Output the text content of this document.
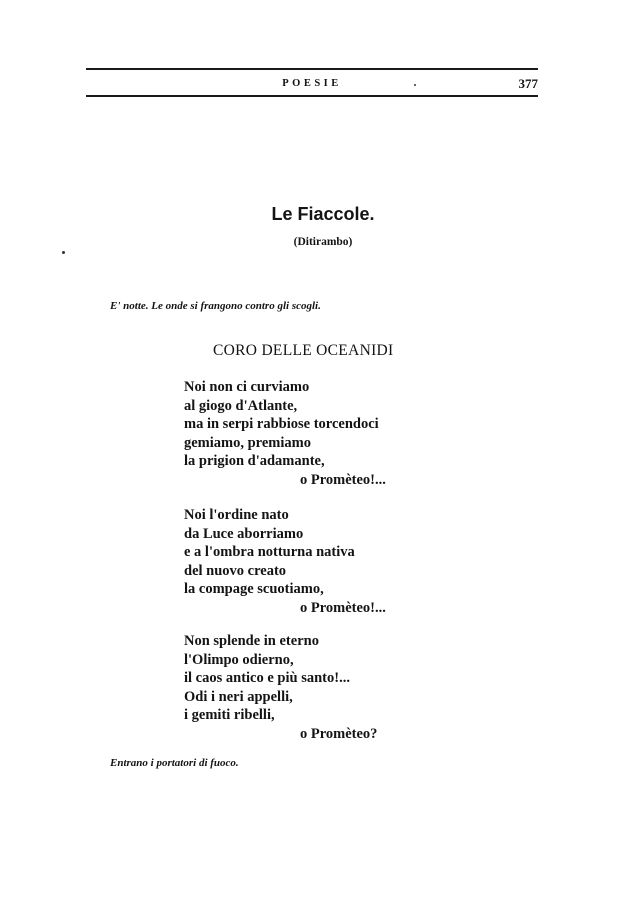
POESIE	377
Le Fiaccole.
(Ditirambo)
E' notte. Le onde si frangono contro gli scogli.
CORO DELLE OCEANIDI
Noi non ci curviamo
al giogo d'Atlante,
ma in serpi rabbiose torcendoci
gemiamo, premiamo
la prigion d'adamante,
o Promèteo!...
Noi l'ordine nato
da Luce aborriamo
e a l'ombra notturna nativa
del nuovo creato
la compage scuotiamo,
o Promèteo!...
Non splende in eterno
l'Olimpo odierno,
il caos antico e più santo!...
Odi i neri appelli,
i gemiti ribelli,
o Promèteo?
Entrano i portatori di fuoco.
